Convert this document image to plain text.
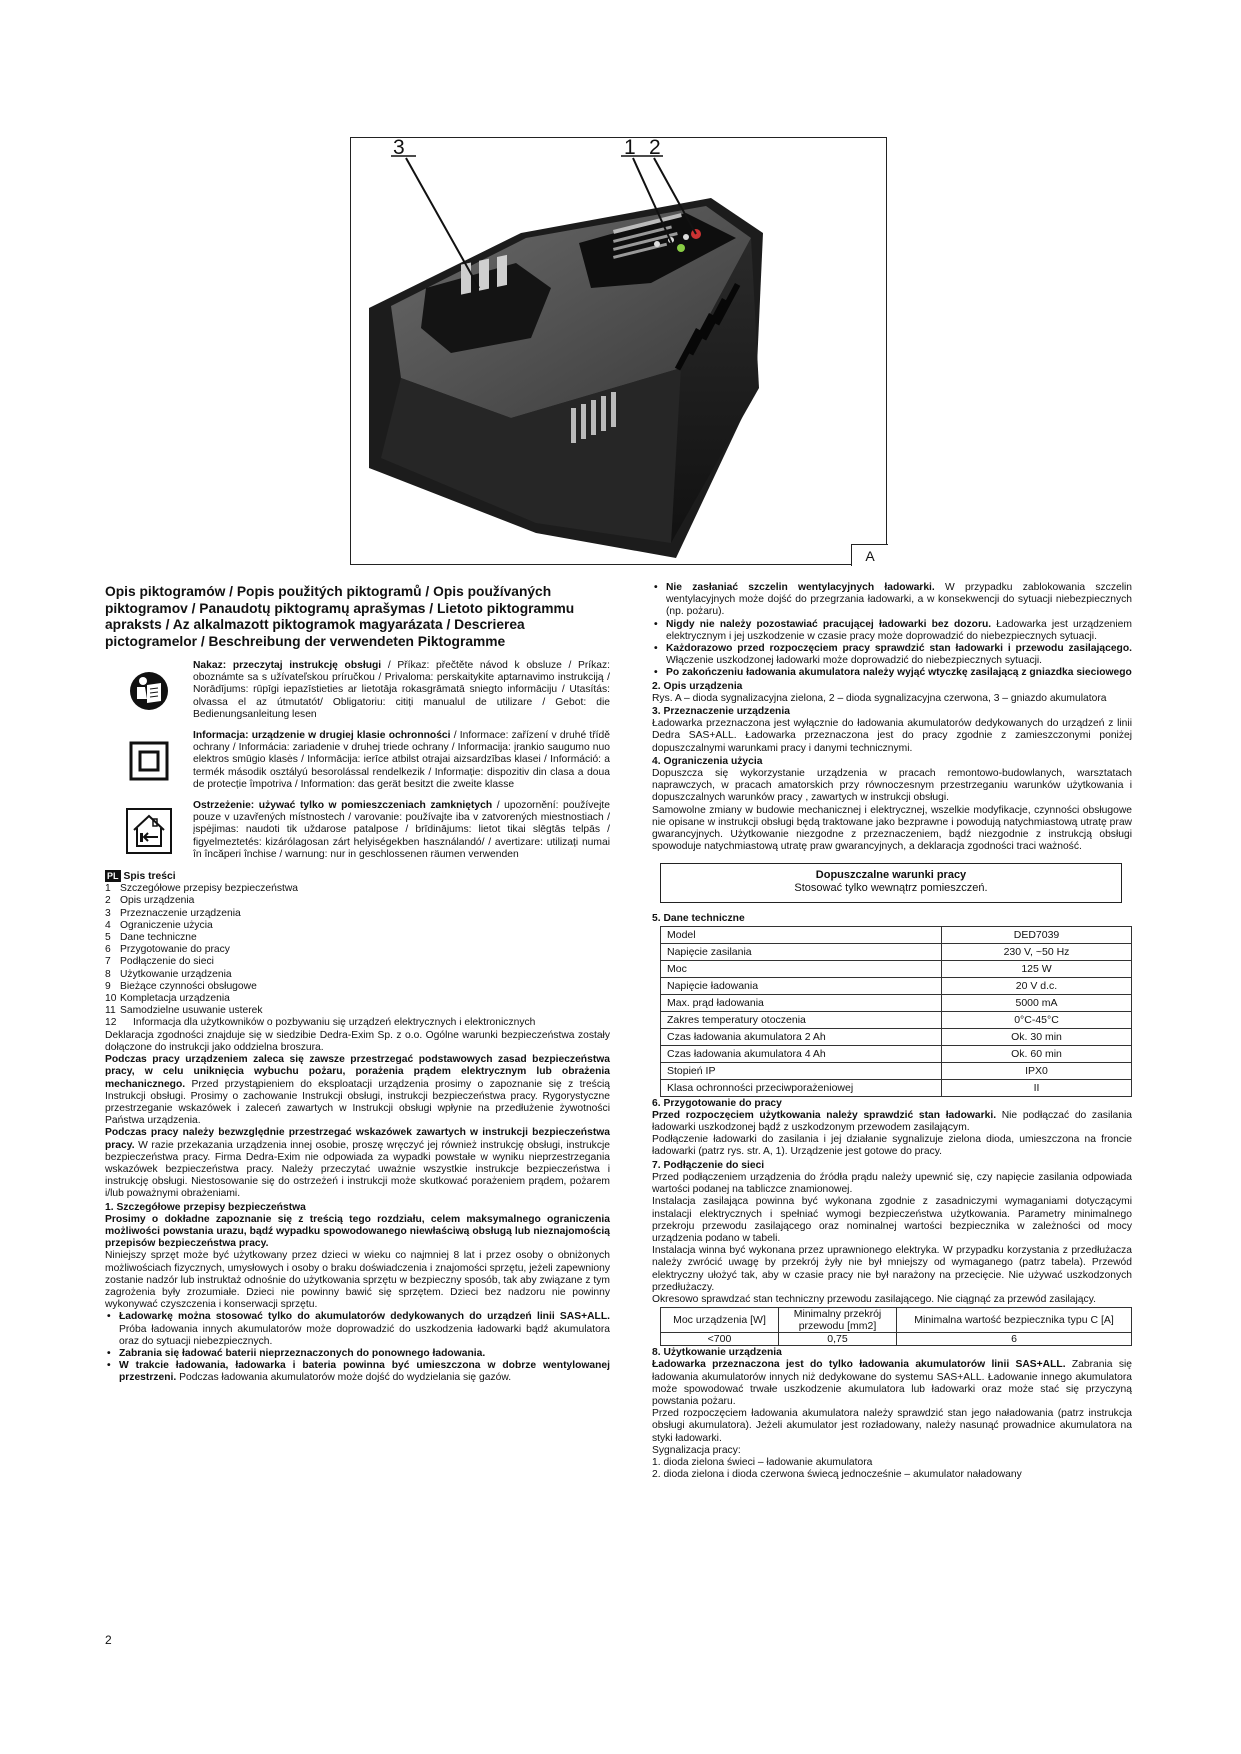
3	1 2
A
Opis piktogramów / Popis použitých piktogramů / Opis používaných piktogramov / Panaudotų piktogramų aprašymas / Lietoto piktogrammu apraksts / Az alkalmazott piktogramok magyarázata / Descrierea pictogramelor / Beschreibung der verwendeten Piktogramme
Nakaz: przeczytaj instrukcję obsługi / Příkaz: přečtěte návod k obsluze / Príkaz: oboznámte sa s užívateľskou príručkou / Privaloma: perskaitykite aptarnavimo instrukciją / Norādījums: rūpīgi iepazīstieties ar lietotāja rokasgrāmatā sniegto informāciju / Utasítás: olvassa el az útmutatót/ Obligatoriu: citiți manualul de utilizare / Gebot: die Bedienungsanleitung lesen
Informacja: urządzenie w drugiej klasie ochronności / Informace: zařízení v druhé třídě ochrany / Informácia: zariadenie v druhej triede ochrany / Informacija: įrankio saugumo nuo elektros smūgio klasės / Informācija: ierīce atbilst otrajai aizsardzības klasei / Információ: a termék második osztályú besorolással rendelkezik / Informație: dispozitiv din clasa a doua de protecție împotriva / Information: das gerät besitzt die zweite klasse
Ostrzeżenie: używać tylko w pomieszczeniach zamkniętych / upozornění: používejte pouze v uzavřených místnostech / varovanie: používajte iba v zatvorených miestnostiach / įspėjimas: naudoti tik uždarose patalpose / brīdinājums: lietot tikai slēgtās telpās / figyelmeztetés: kizárólagosan zárt helyiségekben használandó/ / avertizare: utilizați numai în încăperi închise / warnung: nur in geschlossenen räumen verwenden
PL Spis treści
1 Szczegółowe przepisy bezpieczeństwa
2 Opis urządzenia
3 Przeznaczenie urządzenia
4 Ograniczenie użycia
5 Dane techniczne
6 Przygotowanie do pracy
7 Podłączenie do sieci
8 Użytkowanie urządzenia
9 Bieżące czynności obsługowe
10 Kompletacja urządzenia
11 Samodzielne usuwanie usterek
12	Informacja dla użytkowników o pozbywaniu się urządzeń elektrycznych i elektronicznych
Deklaracja zgodności znajduje się w siedzibie Dedra-Exim Sp. z o.o. Ogólne warunki bezpieczeństwa zostały dołączone do instrukcji jako oddzielna broszura.
Podczas pracy urządzeniem zaleca się zawsze przestrzegać podstawowych zasad bezpieczeństwa pracy, w celu uniknięcia wybuchu pożaru, porażenia prądem elektrycznym lub obrażenia mechanicznego. Przed przystąpieniem do eksploatacji urządzenia prosimy o zapoznanie się z treścią Instrukcji obsługi. Prosimy o zachowanie Instrukcji obsługi, instrukcji bezpieczeństwa pracy. Rygorystyczne przestrzeganie wskazówek i zaleceń zawartych w Instrukcji obsługi wpłynie na przedłużenie żywotności Państwa urządzenia.
Podczas pracy należy bezwzględnie przestrzegać wskazówek zawartych w instrukcji bezpieczeństwa pracy. W razie przekazania urządzenia innej osobie, proszę wręczyć jej również instrukcję obsługi, instrukcje bezpieczeństwa pracy. Firma Dedra-Exim nie odpowiada za wypadki powstałe w wyniku nieprzestrzegania wskazówek bezpieczeństwa pracy. Należy przeczytać uważnie wszystkie instrukcje bezpieczeństwa i instrukcję obsługi. Niestosowanie się do ostrzeżeń i instrukcji może skutkować porażeniem prądem, pożarem i/lub poważnymi obrażeniami.
1. Szczegółowe przepisy bezpieczeństwa
Prosimy o dokładne zapoznanie się z treścią tego rozdziału, celem maksymalnego ograniczenia możliwości powstania urazu, bądź wypadku spowodowanego niewłaściwą obsługą lub nieznajomością przepisów bezpieczeństwa pracy.
Niniejszy sprzęt może być użytkowany przez dzieci w wieku co najmniej 8 lat i przez osoby o obniżonych możliwościach fizycznych, umysłowych i osoby o braku doświadczenia i znajomości sprzętu, jeżeli zapewniony zostanie nadzór lub instruktaż odnośnie do użytkowania sprzętu w bezpieczny sposób, tak aby związane z tym zagrożenia były zrozumiałe. Dzieci nie powinny bawić się sprzętem. Dzieci bez nadzoru nie powinny wykonywać czyszczenia i konserwacji sprzętu.
• Ładowarkę można stosować tylko do akumulatorów dedykowanych do urządzeń linii SAS+ALL. Próba ładowania innych akumulatorów może doprowadzić do uszkodzenia ładowarki bądź akumulatora oraz do sytuacji niebezpiecznych.
• Zabrania się ładować baterii nieprzeznaczonych do ponownego ładowania.
• W trakcie ładowania, ładowarka i bateria powinna być umieszczona w dobrze wentylowanej przestrzeni. Podczas ładowania akumulatorów może dojść do wydzielania się gazów.
• Nie zasłaniać szczelin wentylacyjnych ładowarki. W przypadku zablokowania szczelin wentylacyjnych może dojść do przegrzania ładowarki, a w konsekwencji do sytuacji niebezpiecznych (np. pożaru).
• Nigdy nie należy pozostawiać pracującej ładowarki bez dozoru. Ładowarka jest urządzeniem elektrycznym i jej uszkodzenie w czasie pracy może doprowadzić do niebezpiecznych sytuacji.
• Każdorazowo przed rozpoczęciem pracy sprawdzić stan ładowarki i przewodu zasilającego. Włączenie uszkodzonej ładowarki może doprowadzić do niebezpiecznych sytuacji.
• Po zakończeniu ładowania akumulatora należy wyjąć wtyczkę zasilającą z gniazdka sieciowego
2. Opis urządzenia
Rys. A – dioda sygnalizacyjna zielona, 2 – dioda sygnalizacyjna czerwona, 3 – gniazdo akumulatora
3. Przeznaczenie urządzenia
Ładowarka przeznaczona jest wyłącznie do ładowania akumulatorów dedykowanych do urządzeń z linii Dedra SAS+ALL. Ładowarka przeznaczona jest do pracy zgodnie z zamieszczonymi poniżej dopuszczalnymi warunkami pracy i danymi technicznymi.
4. Ograniczenia użycia
Dopuszcza się wykorzystanie urządzenia w pracach remontowo-budowlanych, warsztatach naprawczych, w pracach amatorskich przy równoczesnym przestrzeganiu warunków użytkowania i dopuszczalnych warunków pracy , zawartych w instrukcji obsługi.
Samowolne zmiany w budowie mechanicznej i elektrycznej, wszelkie modyfikacje, czynności obsługowe nie opisane w instrukcji obsługi będą traktowane jako bezprawne i powodują natychmiastową utratę praw gwarancyjnych. Użytkowanie niezgodne z przeznaczeniem, bądź niezgodnie z instrukcją obsługi spowoduje natychmiastową utratę praw gwarancyjnych, a deklaracja zgodności traci ważność.
Dopuszczalne warunki pracy
Stosować tylko wewnątrz pomieszczeń.
5. Dane techniczne
Model	DED7039
Napięcie zasilania	230 V, ~50 Hz
Moc	125 W
Napięcie ładowania	20 V d.c.
Max. prąd ładowania	5000 mA
Zakres temperatury otoczenia	0°C-45°C
Czas ładowania akumulatora 2 Ah	Ok. 30 min
Czas ładowania akumulatora 4 Ah	Ok. 60 min
Stopień IP	IPX0
Klasa ochronności przeciwporażeniowej	II
6. Przygotowanie do pracy
Przed rozpoczęciem użytkowania należy sprawdzić stan ładowarki. Nie podłączać do zasilania ładowarki uszkodzonej bądź z uszkodzonym przewodem zasilającym.
Podłączenie ładowarki do zasilania i jej działanie sygnalizuje zielona dioda, umieszczona na froncie ładowarki (patrz rys. str. A, 1). Urządzenie jest gotowe do pracy.
7. Podłączenie do sieci
Przed podłączeniem urządzenia do źródła prądu należy upewnić się, czy napięcie zasilania odpowiada wartości podanej na tabliczce znamionowej.
Instalacja zasilająca powinna być wykonana zgodnie z zasadniczymi wymaganiami dotyczącymi instalacji elektrycznych i spełniać wymogi bezpieczeństwa użytkowania. Parametry minimalnego przekroju przewodu zasilającego oraz nominalnej wartości bezpiecznika w zależności od mocy urządzenia podano w tabeli.
Instalacja winna być wykonana przez uprawnionego elektryka. W przypadku korzystania z przedłużacza należy zwrócić uwagę by przekrój żyły nie był mniejszy od wymaganego (patrz tabela). Przewód elektryczny ułożyć tak, aby w czasie pracy nie był narażony na przecięcie. Nie używać uszkodzonych przedłużaczy.
Okresowo sprawdzać stan techniczny przewodu zasilającego. Nie ciągnąć za przewód zasilający.
Moc urządzenia [W]	Minimalny przekrój przewodu [mm2]	Minimalna wartość bezpiecznika typu C [A]
<700	0,75	6
8. Użytkowanie urządzenia
Ładowarka przeznaczona jest do tylko ładowania akumulatorów linii SAS+ALL. Zabrania się ładowania akumulatorów innych niż dedykowane do systemu SAS+ALL. Ładowanie innego akumulatora może spowodować trwałe uszkodzenie akumulatora lub ładowarki oraz może stać się przyczyną powstania pożaru.
Przed rozpoczęciem ładowania akumulatora należy sprawdzić stan jego naładowania (patrz instrukcja obsługi akumulatora). Jeżeli akumulator jest rozładowany, należy nasunąć prowadnice akumulatora na styki ładowarki.
Sygnalizacja pracy:
1. dioda zielona świeci – ładowanie akumulatora
2. dioda zielona i dioda czerwona świecą jednocześnie – akumulator naładowany
2
